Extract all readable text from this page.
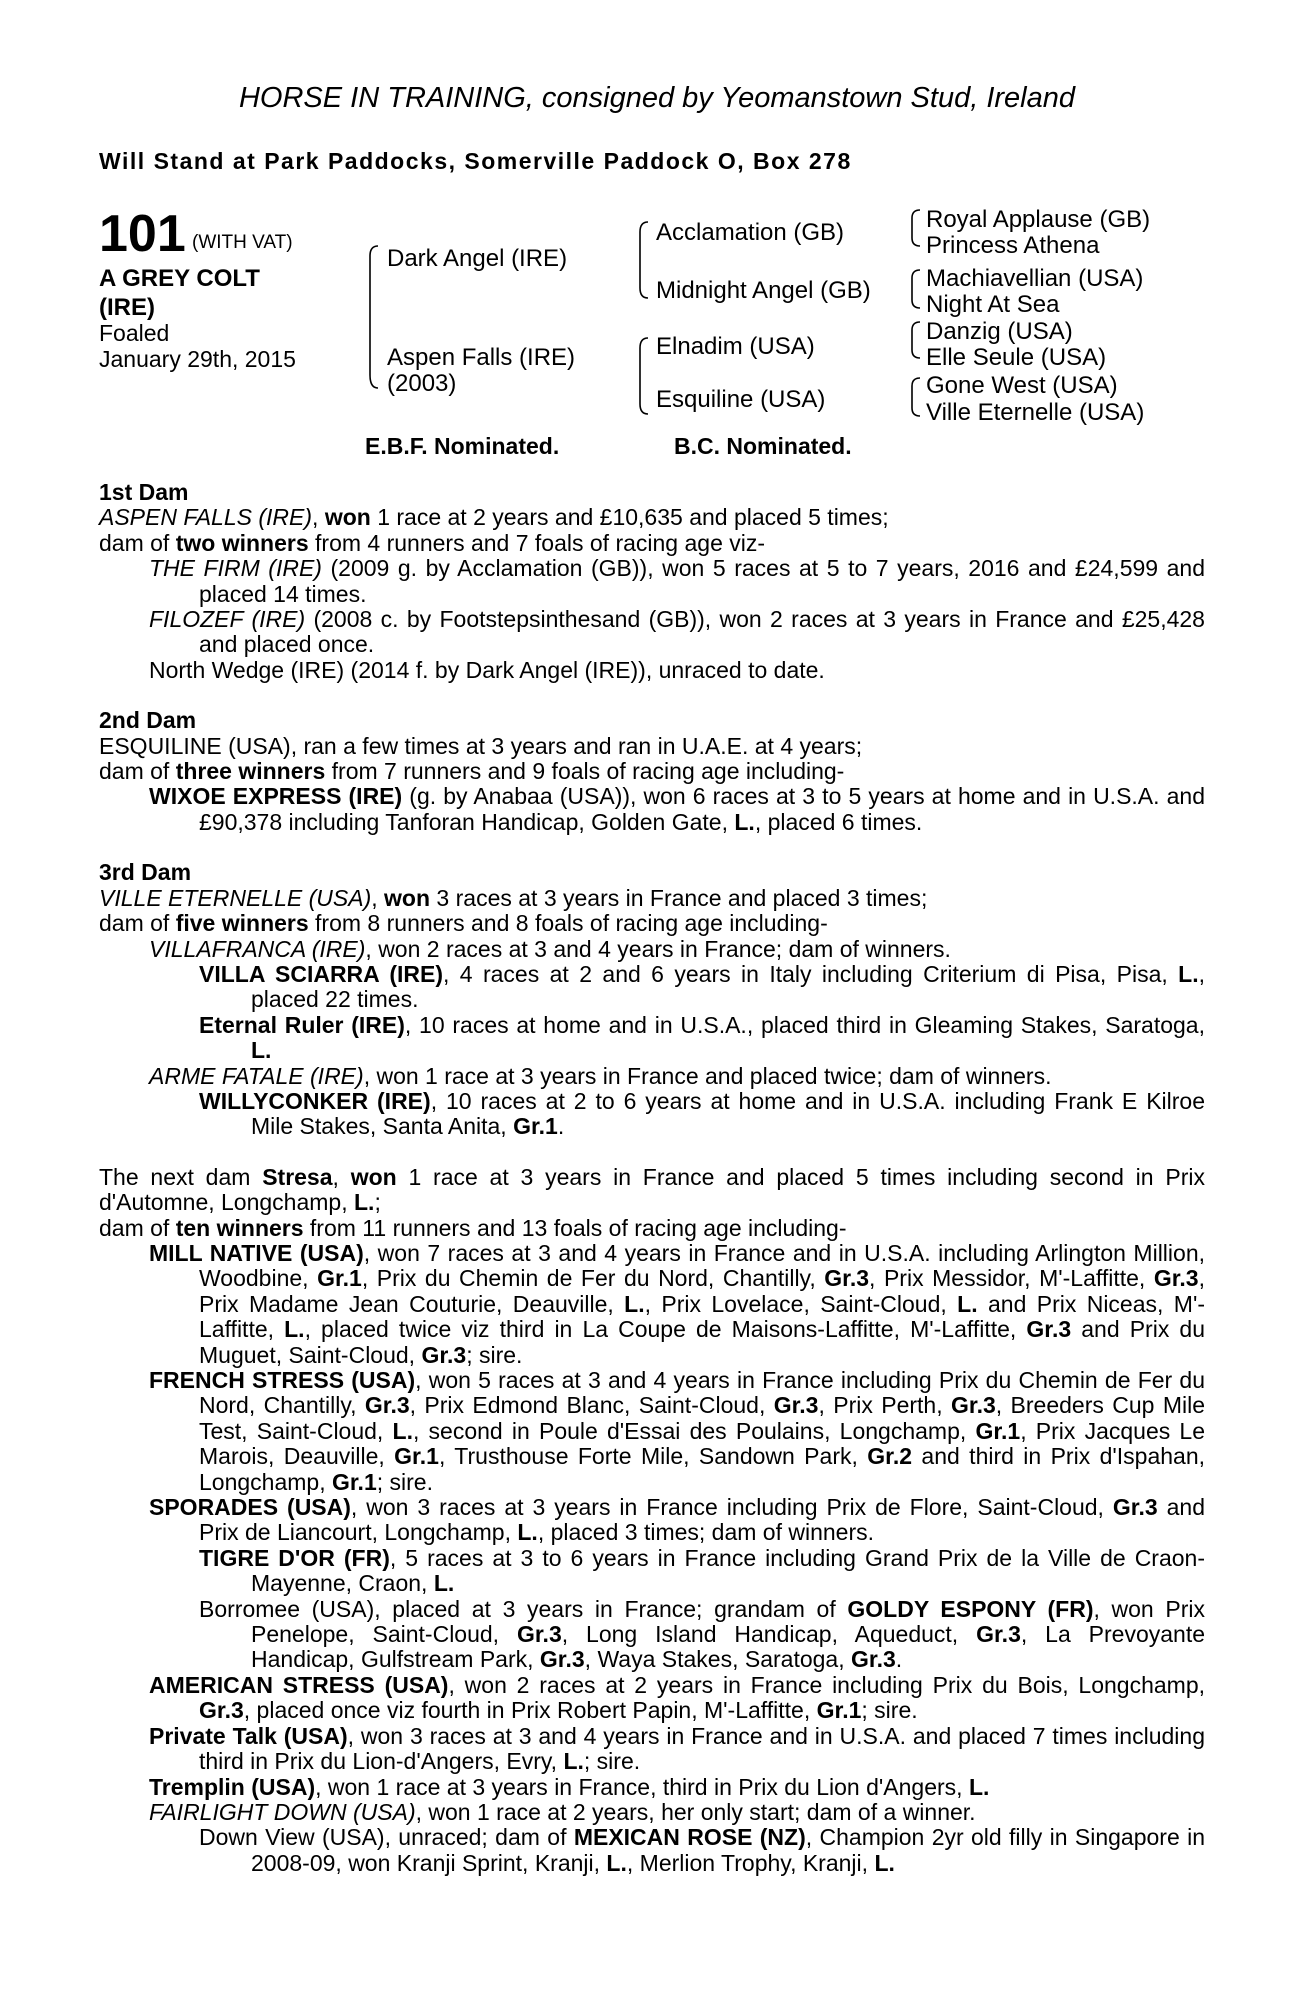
HORSE IN TRAINING, consigned by Yeomanstown Stud, Ireland
Will Stand at Park Paddocks, Somerville Paddock O, Box 278
101 (WITH VAT)
A GREY COLT
(IRE)
Foaled
January 29th, 2015
Dark Angel (IRE)
Aspen Falls (IRE)
(2003)
Acclamation (GB)
Midnight Angel (GB)
Elnadim (USA)
Esquiline (USA)
Royal Applause (GB)
Princess Athena
Machiavellian (USA)
Night At Sea
Danzig (USA)
Elle Seule (USA)
Gone West (USA)
Ville Eternelle (USA)
E.B.F. Nominated.	B.C. Nominated.

1st Dam

ASPEN FALLS (IRE), won 1 race at 2 years and £10,635 and placed 5 times;

dam of two winners from 4 runners and 7 foals of racing age viz-

THE FIRM (IRE) (2009 g. by Acclamation (GB)), won 5 races at 5 to 7 years, 2016 and £24,599 and placed 14 times.

FILOZEF (IRE) (2008 c. by Footstepsinthesand (GB)), won 2 races at 3 years in France and £25,428 and placed once.

North Wedge (IRE) (2014 f. by Dark Angel (IRE)), unraced to date.

2nd Dam

ESQUILINE (USA), ran a few times at 3 years and ran in U.A.E. at 4 years;

dam of three winners from 7 runners and 9 foals of racing age including-

WIXOE EXPRESS (IRE) (g. by Anabaa (USA)), won 6 races at 3 to 5 years at home and in U.S.A. and £90,378 including Tanforan Handicap, Golden Gate, L., placed 6 times.

3rd Dam

VILLE ETERNELLE (USA), won 3 races at 3 years in France and placed 3 times;

dam of five winners from 8 runners and 8 foals of racing age including-

VILLAFRANCA (IRE), won 2 races at 3 and 4 years in France; dam of winners.

VILLA SCIARRA (IRE), 4 races at 2 and 6 years in Italy including Criterium di Pisa, Pisa, L., placed 22 times.

Eternal Ruler (IRE), 10 races at home and in U.S.A., placed third in Gleaming Stakes, Saratoga, L.

ARME FATALE (IRE), won 1 race at 3 years in France and placed twice; dam of winners.

WILLYCONKER (IRE), 10 races at 2 to 6 years at home and in U.S.A. including Frank E Kilroe Mile Stakes, Santa Anita, Gr.1.

The next dam Stresa, won 1 race at 3 years in France and placed 5 times including second in Prix d'Automne, Longchamp, L.;

dam of ten winners from 11 runners and 13 foals of racing age including-

MILL NATIVE (USA), won 7 races at 3 and 4 years in France and in U.S.A. including Arlington Million, Woodbine, Gr.1, Prix du Chemin de Fer du Nord, Chantilly, Gr.3, Prix Messidor, M'-Laffitte, Gr.3, Prix Madame Jean Couturie, Deauville, L., Prix Lovelace, Saint-Cloud, L. and Prix Niceas, M'-Laffitte, L., placed twice viz third in La Coupe de Maisons-Laffitte, M'-Laffitte, Gr.3 and Prix du Muguet, Saint-Cloud, Gr.3; sire.

FRENCH STRESS (USA), won 5 races at 3 and 4 years in France including Prix du Chemin de Fer du Nord, Chantilly, Gr.3, Prix Edmond Blanc, Saint-Cloud, Gr.3, Prix Perth, Gr.3, Breeders Cup Mile Test, Saint-Cloud, L., second in Poule d'Essai des Poulains, Longchamp, Gr.1, Prix Jacques Le Marois, Deauville, Gr.1, Trusthouse Forte Mile, Sandown Park, Gr.2 and third in Prix d'Ispahan, Longchamp, Gr.1; sire.

SPORADES (USA), won 3 races at 3 years in France including Prix de Flore, Saint-Cloud, Gr.3 and Prix de Liancourt, Longchamp, L., placed 3 times; dam of winners.

TIGRE D'OR (FR), 5 races at 3 to 6 years in France including Grand Prix de la Ville de Craon-Mayenne, Craon, L.

Borromee (USA), placed at 3 years in France; grandam of GOLDY ESPONY (FR), won Prix Penelope, Saint-Cloud, Gr.3, Long Island Handicap, Aqueduct, Gr.3, La Prevoyante Handicap, Gulfstream Park, Gr.3, Waya Stakes, Saratoga, Gr.3.

AMERICAN STRESS (USA), won 2 races at 2 years in France including Prix du Bois, Longchamp, Gr.3, placed once viz fourth in Prix Robert Papin, M'-Laffitte, Gr.1; sire.

Private Talk (USA), won 3 races at 3 and 4 years in France and in U.S.A. and placed 7 times including third in Prix du Lion-d'Angers, Evry, L.; sire.

Tremplin (USA), won 1 race at 3 years in France, third in Prix du Lion d'Angers, L.

FAIRLIGHT DOWN (USA), won 1 race at 2 years, her only start; dam of a winner.

Down View (USA), unraced; dam of MEXICAN ROSE (NZ), Champion 2yr old filly in Singapore in 2008-09, won Kranji Sprint, Kranji, L., Merlion Trophy, Kranji, L.
